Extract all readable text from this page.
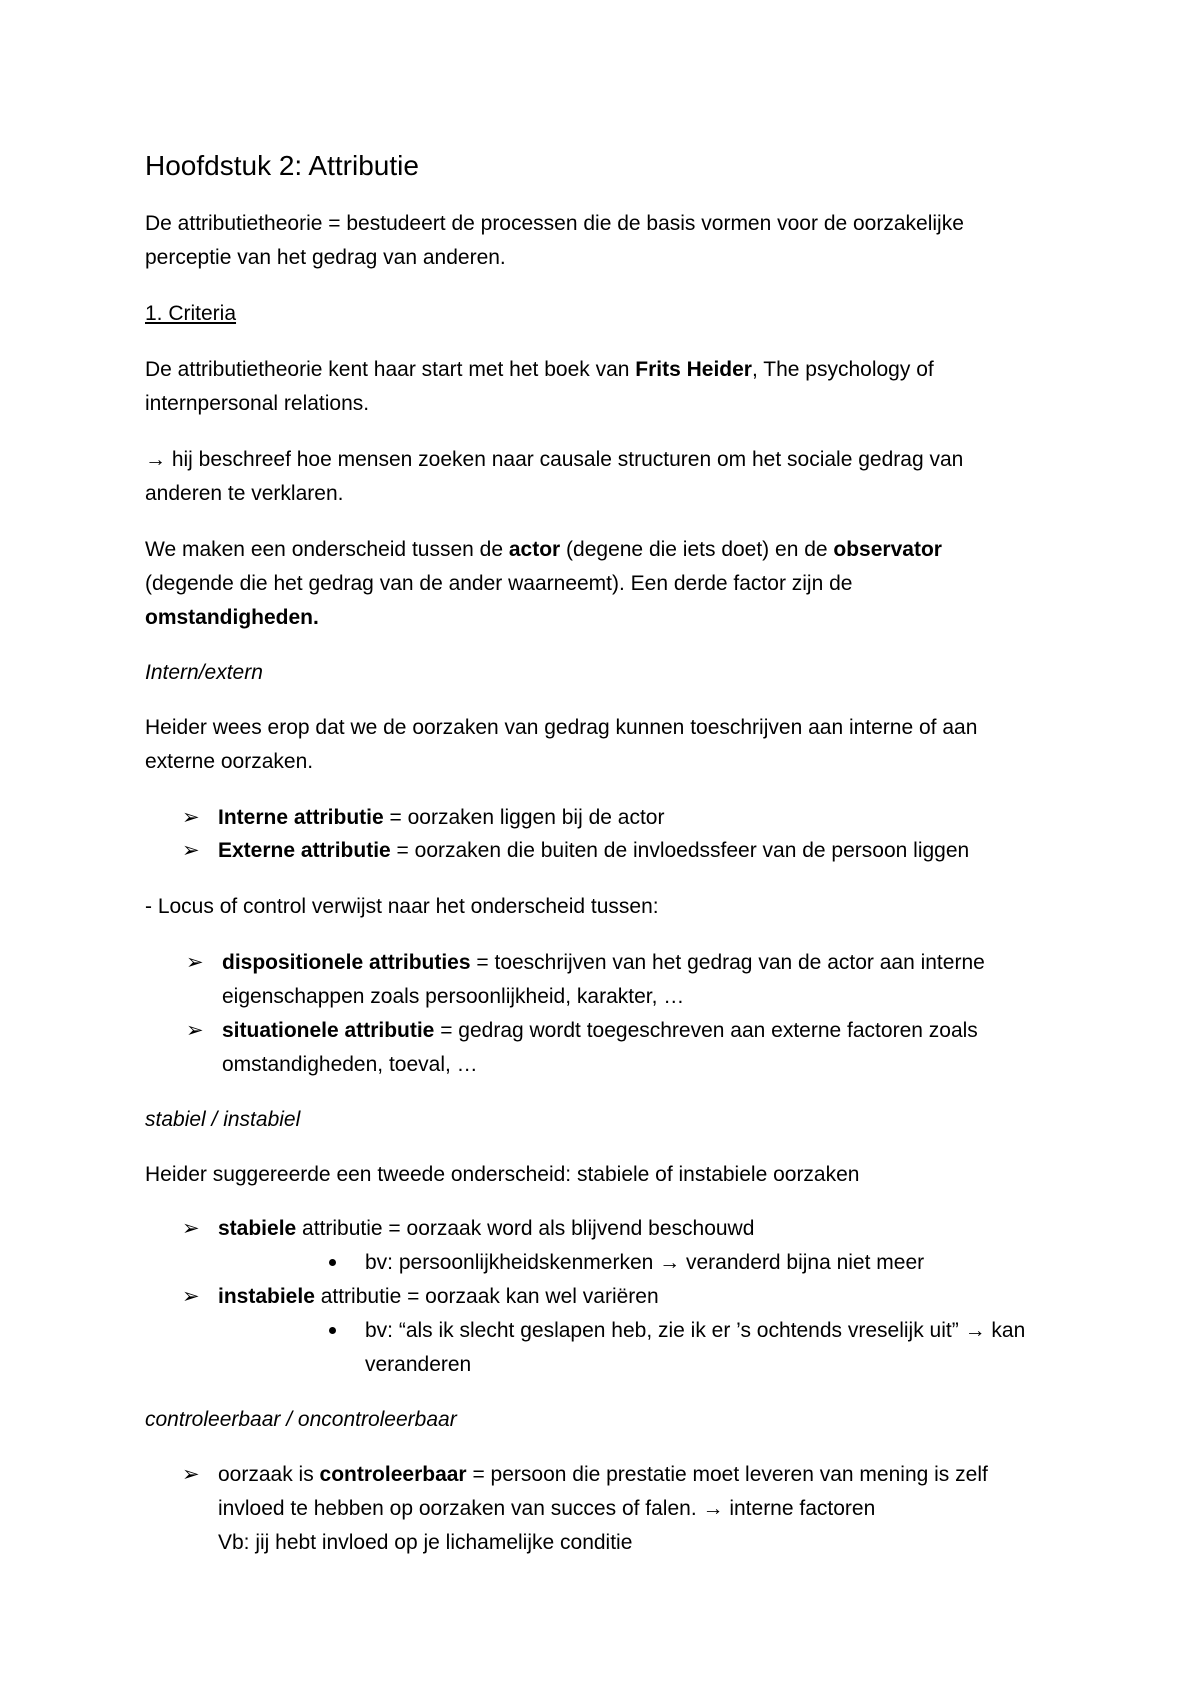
Hoofdstuk 2: Attributie
De attributietheorie = bestudeert de processen die de basis vormen voor de oorzakelijke
perceptie van het gedrag van anderen.
1. Criteria
De attributietheorie kent haar start met het boek van Frits Heider, The psychology of
internpersonal relations.
→ hij beschreef hoe mensen zoeken naar causale structuren om het sociale gedrag van
anderen te verklaren.
We maken een onderscheid tussen de actor (degene die iets doet) en de observator
(degende die het gedrag van de ander waarneemt). Een derde factor zijn de
omstandigheden.
Intern/extern
Heider wees erop dat we de oorzaken van gedrag kunnen toeschrijven aan interne of aan
externe oorzaken.
➢ Interne attributie = oorzaken liggen bij de actor
➢ Externe attributie = oorzaken die buiten de invloedssfeer van de persoon liggen
- Locus of control verwijst naar het onderscheid tussen:
➢ dispositionele attributies = toeschrijven van het gedrag van de actor aan interne
eigenschappen zoals persoonlijkheid, karakter, …
➢ situationele attributie = gedrag wordt toegeschreven aan externe factoren zoals
omstandigheden, toeval, …
stabiel / instabiel
Heider suggereerde een tweede onderscheid: stabiele of instabiele oorzaken
➢ stabiele attributie = oorzaak word als blijvend beschouwd
bv: persoonlijkheidskenmerken → veranderd bijna niet meer
➢ instabiele attributie = oorzaak kan wel variëren
bv: “als ik slecht geslapen heb, zie ik er ’s ochtends vreselijk uit” → kan
veranderen
controleerbaar / oncontroleerbaar
➢ oorzaak is controleerbaar = persoon die prestatie moet leveren van mening is zelf
invloed te hebben op oorzaken van succes of falen. → interne factoren
Vb: jij hebt invloed op je lichamelijke conditie
